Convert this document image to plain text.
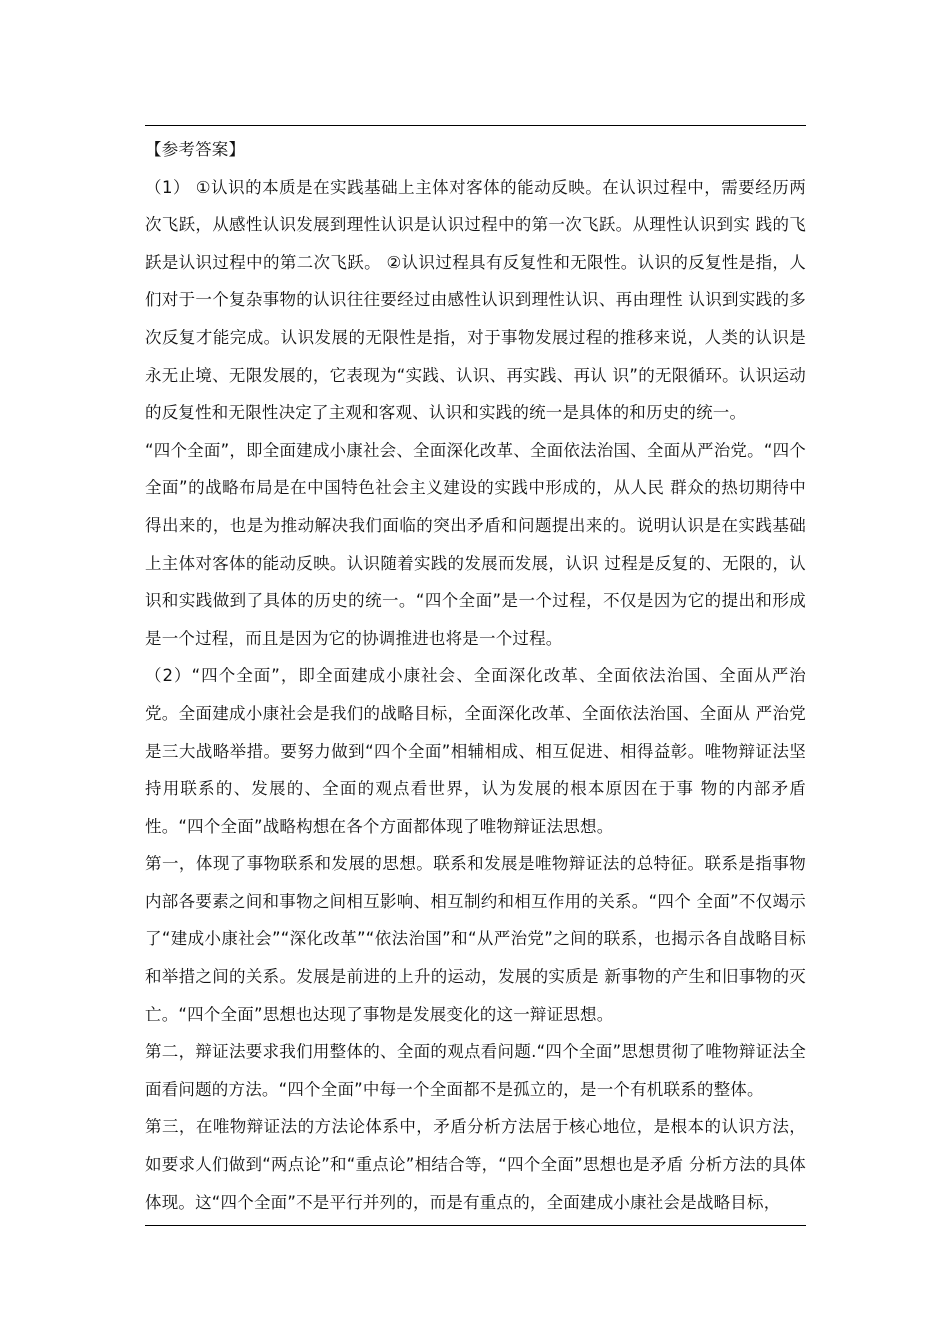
【参考答案】

（1） ①认识的本质是在实践基础上主体对客体的能动反映。在认识过程中，需要经历两次飞跃，从感性认识发展到理性认识是认识过程中的第一次飞跃。从理性认识到实 践的飞跃是认识过程中的第二次飞跃。 ②认识过程具有反复性和无限性。认识的反复性是指，人们对于一个复杂事物的认识往往要经过由感性认识到理性认识、再由理性 认识到实践的多次反复才能完成。认识发展的无限性是指，对于事物发展过程的推移来说，人类的认识是永无止境、无限发展的，它表现为“实践、认识、再实践、再认 识”的无限循环。认识运动的反复性和无限性决定了主观和客观、认识和实践的统一是具体的和历史的统一。

“四个全面”，即全面建成小康社会、全面深化改革、全面依法治国、全面从严治党。“四个全面”的战略布局是在中国特色社会主义建设的实践中形成的，从人民 群众的热切期待中得出来的，也是为推动解决我们面临的突出矛盾和问题提出来的。说明认识是在实践基础上主体对客体的能动反映。认识随着实践的发展而发展，认识 过程是反复的、无限的，认识和实践做到了具体的历史的统一。“四个全面”是一个过程，不仅是因为它的提出和形成是一个过程，而且是因为它的协调推进也将是一个过程。

（2）“四个全面”，即全面建成小康社会、全面深化改革、全面依法治国、全面从严治党。全面建成小康社会是我们的战略目标，全面深化改革、全面依法治国、全面从 严治党是三大战略举措。要努力做到“四个全面”相辅相成、相互促进、相得益彰。唯物辩证法坚持用联系的、发展的、全面的观点看世界，认为发展的根本原因在于事 物的内部矛盾性。“四个全面”战略构想在各个方面都体现了唯物辩证法思想。

第一，体现了事物联系和发展的思想。联系和发展是唯物辩证法的总特征。联系是指事物内部各要素之间和事物之间相互影响、相互制约和相互作用的关系。“四个 全面”不仅竭示了“建成小康社会”“深化改革”“依法治国”和“从严治党”之间的联系，也揭示各自战略目标和举措之间的关系。发展是前进的上升的运动，发展的实质是 新事物的产生和旧事物的灭亡。“四个全面”思想也达现了事物是发展变化的这一辩证思想。

第二，辩证法要求我们用整体的、全面的观点看问题.“四个全面”思想贯彻了唯物辩证法全面看问题的方法。“四个全面”中每一个全面都不是孤立的，是一个有机联系的整体。

第三，在唯物辩证法的方法论体系中，矛盾分析方法居于核心地位，是根本的认识方法，如要求人们做到“两点论”和“重点论”相结合等，“四个全面”思想也是矛盾 分析方法的具体体现。这“四个全面”不是平行并列的，而是有重点的，全面建成小康社会是战略目标，
